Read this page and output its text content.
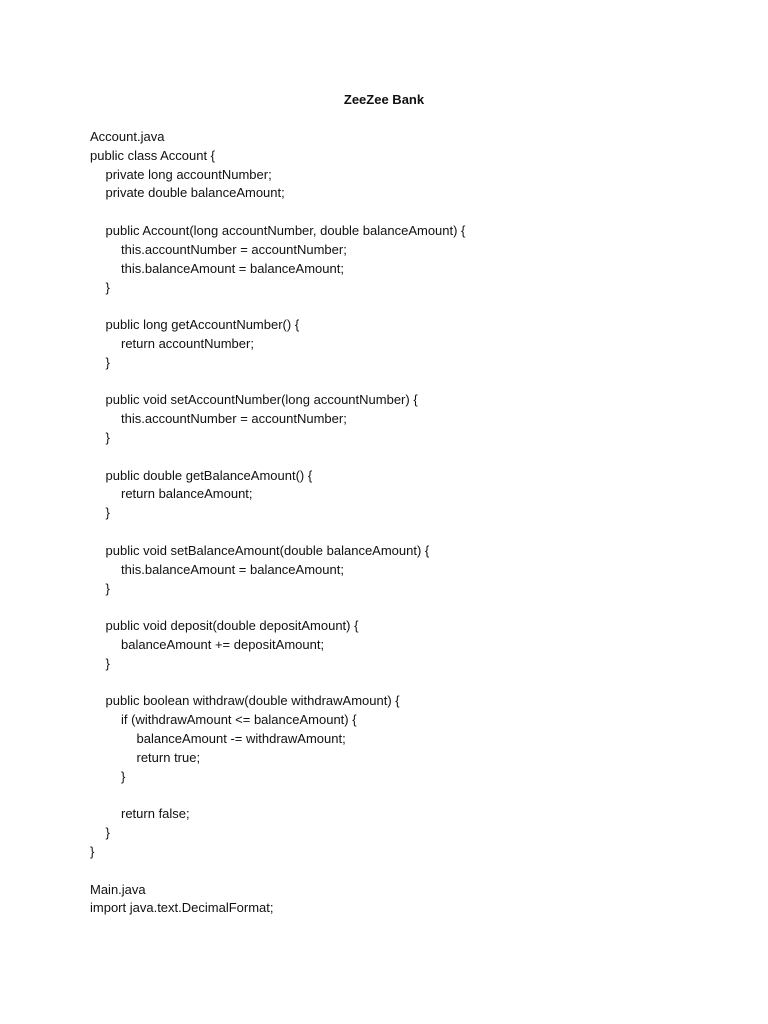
ZeeZee Bank
Account.java
public class Account {
private long accountNumber;
private double balanceAmount;
public Account(long accountNumber, double balanceAmount) {
this.accountNumber = accountNumber;
this.balanceAmount = balanceAmount;
}
public long getAccountNumber() {
return accountNumber;
}
public void setAccountNumber(long accountNumber) {
this.accountNumber = accountNumber;
}
public double getBalanceAmount() {
return balanceAmount;
}
public void setBalanceAmount(double balanceAmount) {
this.balanceAmount = balanceAmount;
}
public void deposit(double depositAmount) {
balanceAmount += depositAmount;
}
public boolean withdraw(double withdrawAmount) {
if (withdrawAmount <= balanceAmount) {
balanceAmount -= withdrawAmount;
return true;
}
return false;
}
}
Main.java
import java.text.DecimalFormat;
